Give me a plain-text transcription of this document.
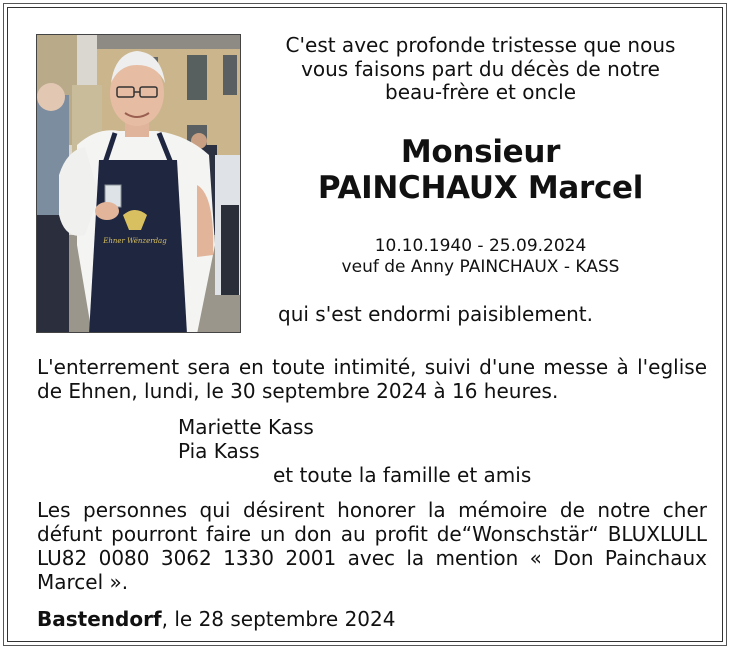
Ehner Wënzerdag
C'est avec profonde tristesse que nous
vous faisons part du décès de notre
beau-frère et oncle
Monsieur
PAINCHAUX Marcel
10.10.1940 - 25.09.2024
veuf de Anny PAINCHAUX - KASS
qui s'est endormi paisiblement.
L'enterrement sera en toute intimité, suivi d'une messe à l'eglise de Ehnen, lundi, le 30 septembre 2024 à 16 heures.
Mariette Kass
Pia Kass
et toute la famille et amis
Les personnes qui désirent honorer la mémoire de notre cher défunt pourront faire un don au profit de“Wonschstär“ BLUXLULL LU82 0080 3062 1330 2001 avec la mention « Don Painchaux Marcel ».
Bastendorf, le 28 septembre 2024
